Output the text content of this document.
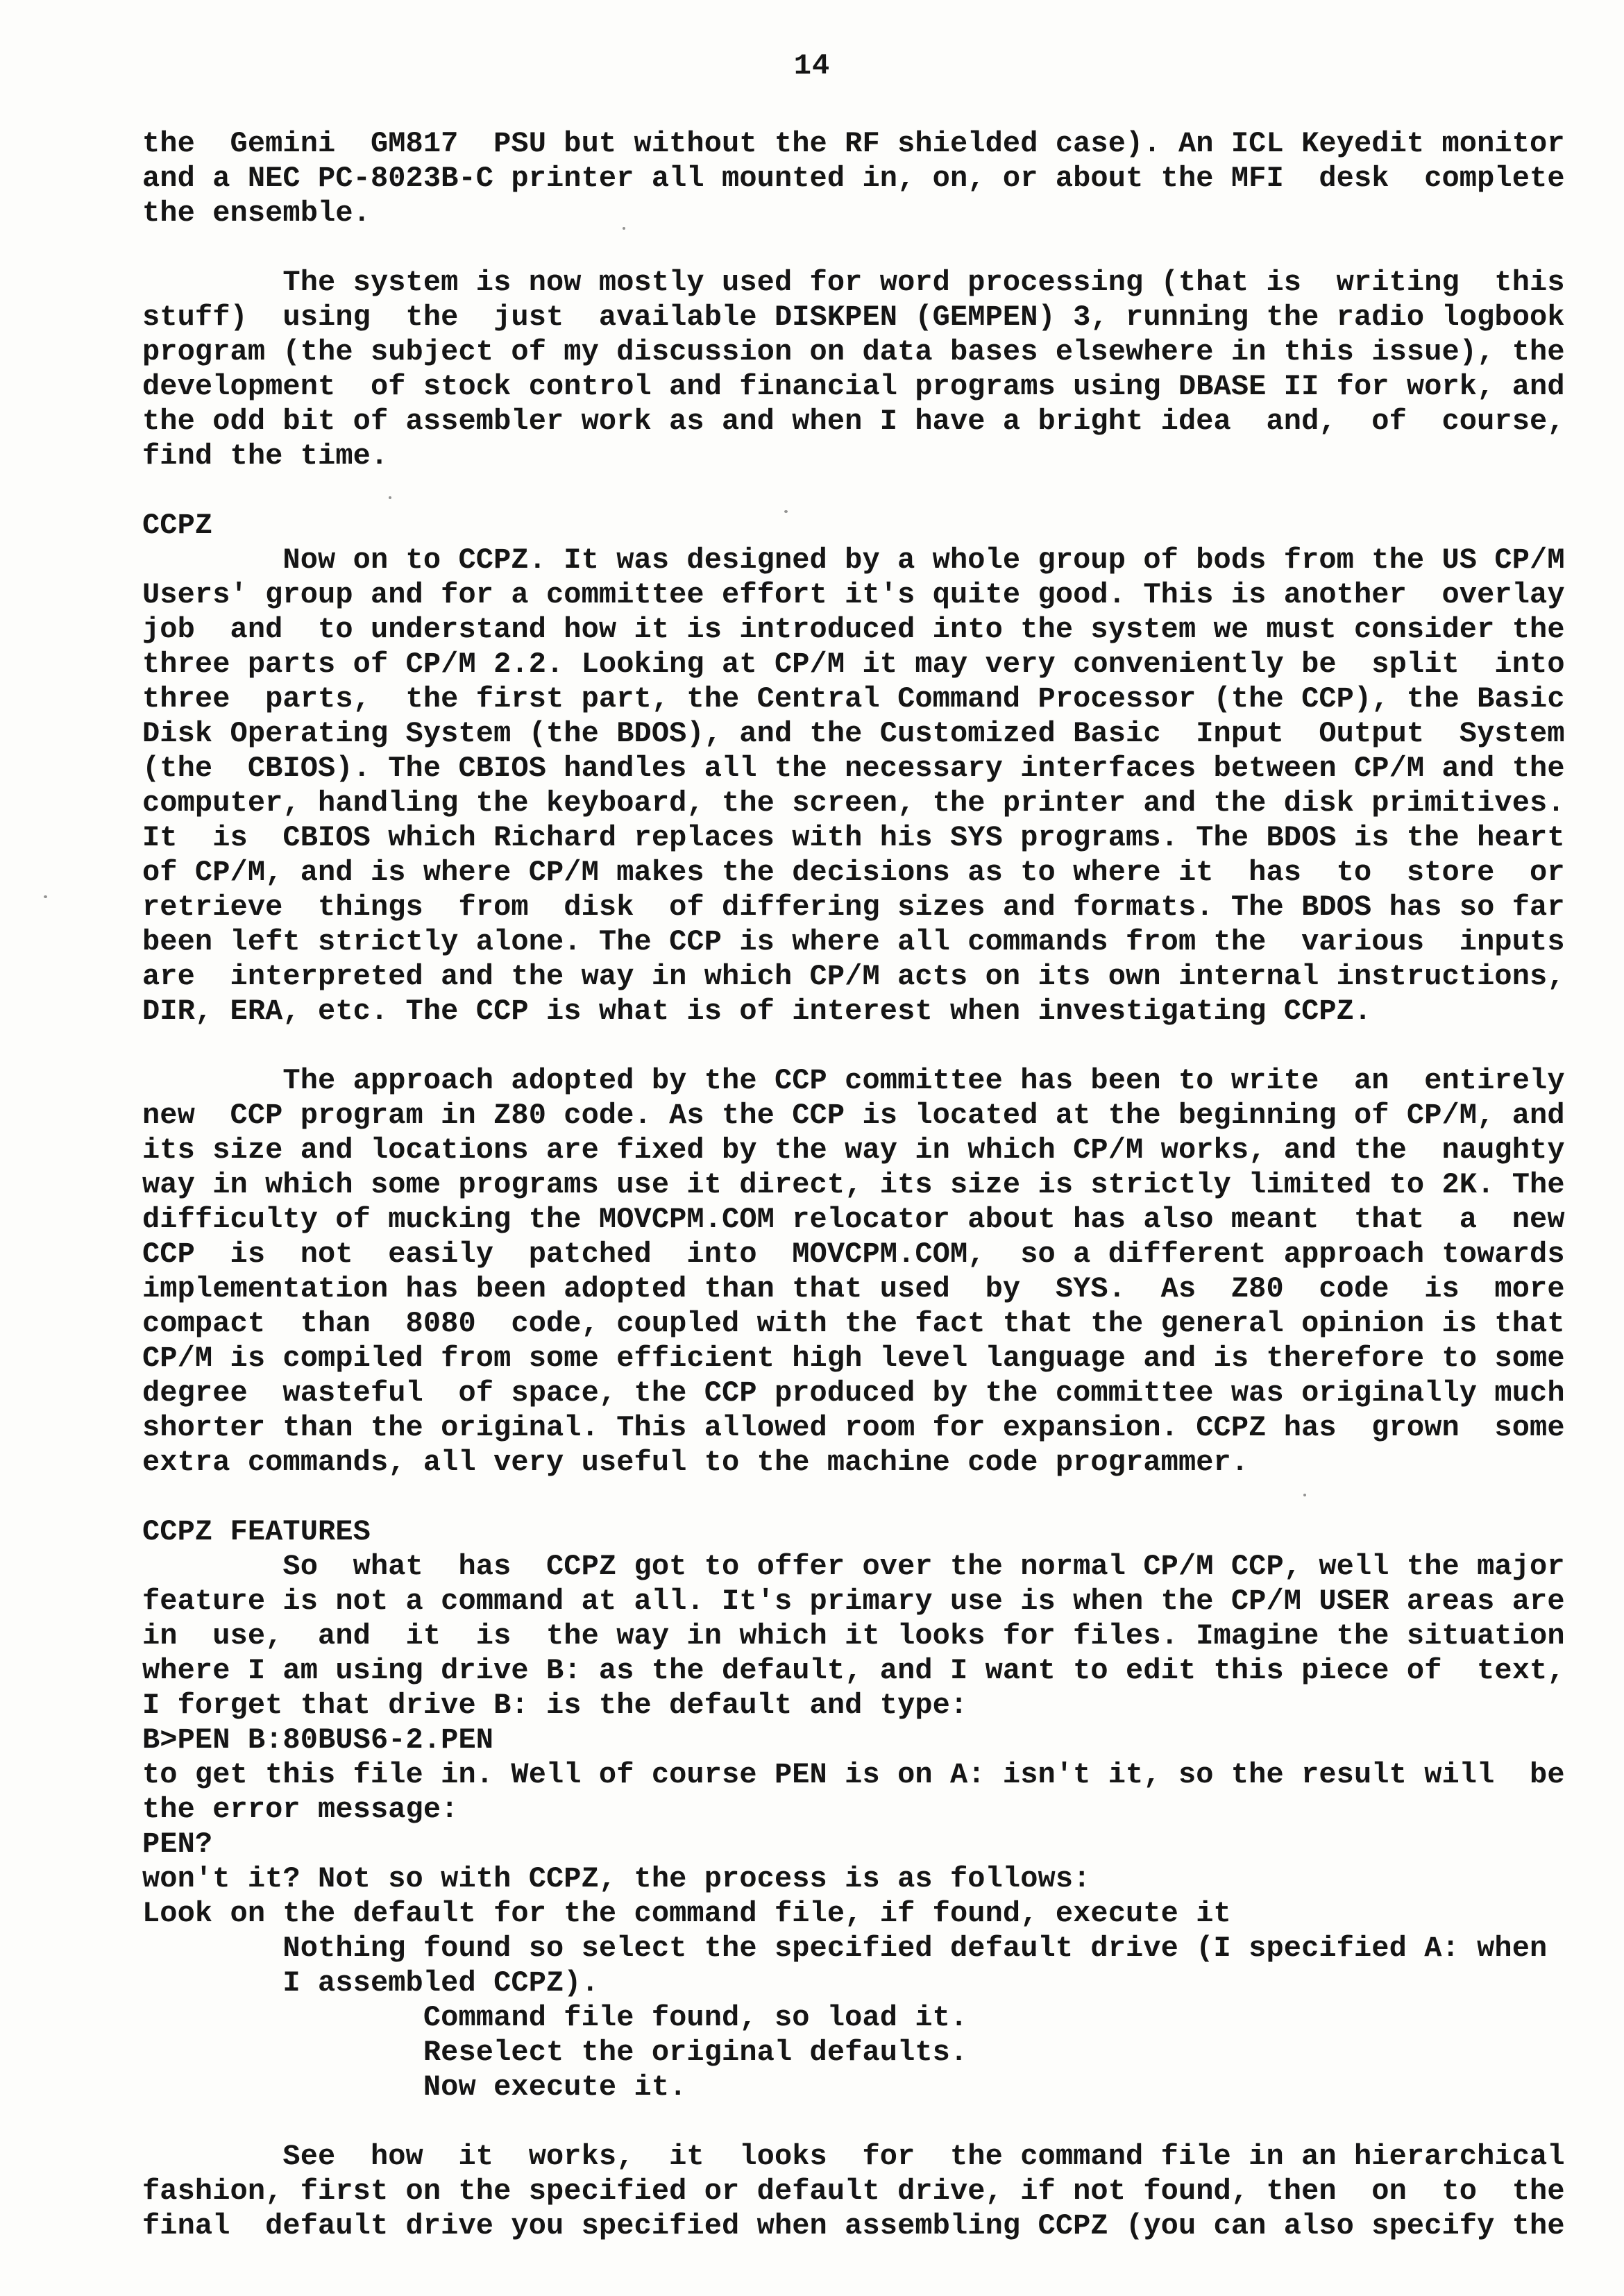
14
the  Gemini  GM817  PSU but without the RF shielded case). An ICL Keyedit monitor
and a NEC PC-8023B-C printer all mounted in, on, or about the MFI  desk  complete
the ensemble.
The system is now mostly used for word processing (that is  writing  this
stuff)  using  the  just  available DISKPEN (GEMPEN) 3, running the radio logbook
program (the subject of my discussion on data bases elsewhere in this issue), the
development  of stock control and financial programs using DBASE II for work, and
the odd bit of assembler work as and when I have a bright idea  and,  of  course,
find the time.
CCPZ
Now on to CCPZ. It was designed by a whole group of bods from the US CP/M
Users' group and for a committee effort it's quite good. This is another  overlay
job  and  to understand how it is introduced into the system we must consider the
three parts of CP/M 2.2. Looking at CP/M it may very conveniently be  split  into
three  parts,  the first part, the Central Command Processor (the CCP), the Basic
Disk Operating System (the BDOS), and the Customized Basic  Input  Output  System
(the  CBIOS). The CBIOS handles all the necessary interfaces between CP/M and the
computer, handling the keyboard, the screen, the printer and the disk primitives.
It  is  CBIOS which Richard replaces with his SYS programs. The BDOS is the heart
of CP/M, and is where CP/M makes the decisions as to where it  has  to  store  or
retrieve  things  from  disk  of differing sizes and formats. The BDOS has so far
been left strictly alone. The CCP is where all commands from the  various  inputs
are  interpreted and the way in which CP/M acts on its own internal instructions,
DIR, ERA, etc. The CCP is what is of interest when investigating CCPZ.
The approach adopted by the CCP committee has been to write  an  entirely
new  CCP program in Z80 code. As the CCP is located at the beginning of CP/M, and
its size and locations are fixed by the way in which CP/M works, and the  naughty
way in which some programs use it direct, its size is strictly limited to 2K. The
difficulty of mucking the MOVCPM.COM relocator about has also meant  that  a  new
CCP  is  not  easily  patched  into  MOVCPM.COM,  so a different approach towards
implementation has been adopted than that used  by  SYS.  As  Z80  code  is  more
compact  than  8080  code, coupled with the fact that the general opinion is that
CP/M is compiled from some efficient high level language and is therefore to some
degree  wasteful  of space, the CCP produced by the committee was originally much
shorter than the original. This allowed room for expansion. CCPZ has  grown  some
extra commands, all very useful to the machine code programmer.
CCPZ FEATURES
So  what  has  CCPZ got to offer over the normal CP/M CCP, well the major
feature is not a command at all. It's primary use is when the CP/M USER areas are
in  use,  and  it  is  the way in which it looks for files. Imagine the situation
where I am using drive B: as the default, and I want to edit this piece of  text,
I forget that drive B: is the default and type:
B>PEN B:80BUS6-2.PEN
to get this file in. Well of course PEN is on A: isn't it, so the result will  be
the error message:
PEN?
won't it? Not so with CCPZ, the process is as follows:
Look on the default for the command file, if found, execute it
Nothing found so select the specified default drive (I specified A: when
I assembled CCPZ).
Command file found, so load it.
Reselect the original defaults.
Now execute it.
See  how  it  works,  it  looks  for  the command file in an hierarchical
fashion, first on the specified or default drive, if not found, then  on  to  the
final  default drive you specified when assembling CCPZ (you can also specify the
